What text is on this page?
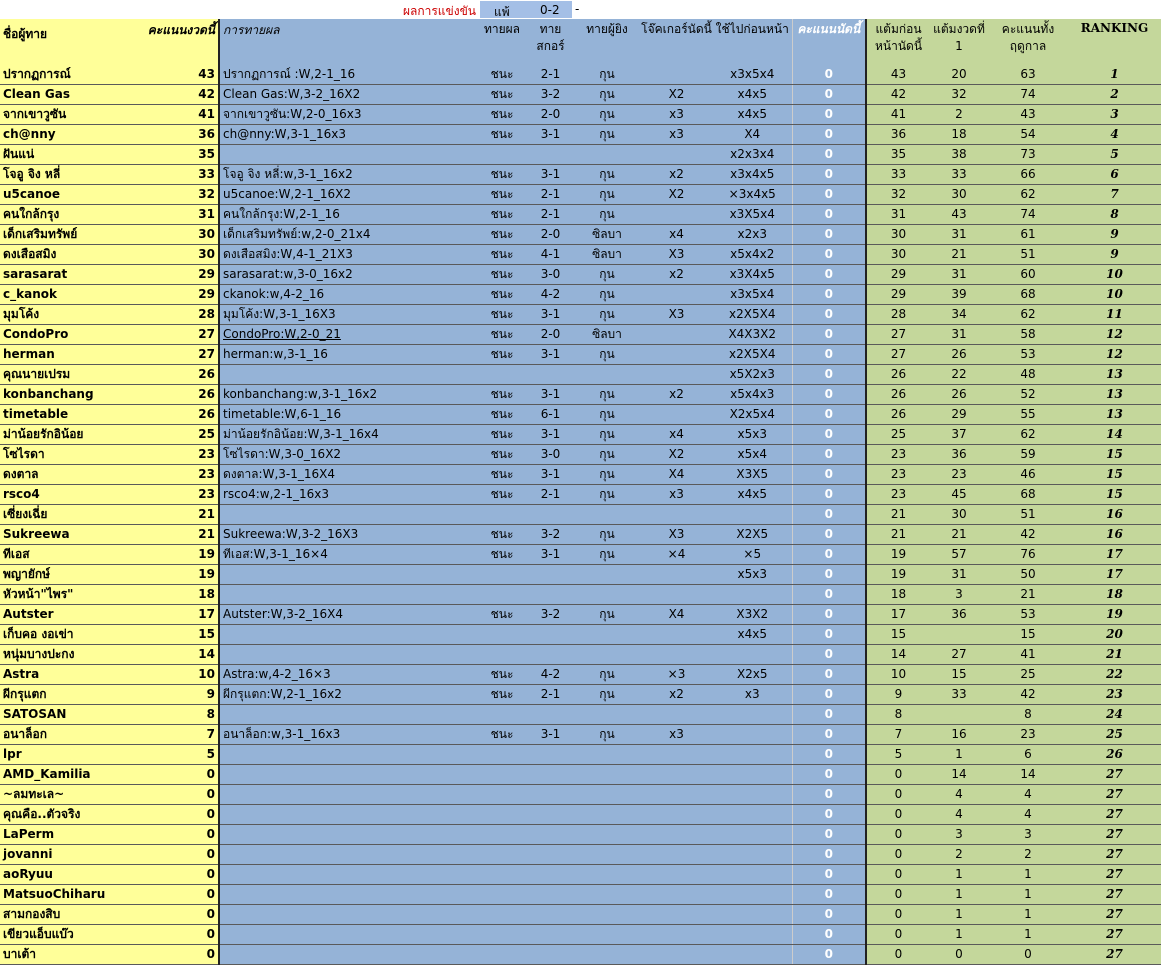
ผลการแข่งขัน แพ้	0-2 -
ชื่อผู้ทาย	คะแนนงวดนี้	การทายผล	ทายผล	ทาย สกอร์	ทายผู้ยิง	โจ๊คเกอร์นัดนี้	ใช้ไปก่อนหน้า	คะแนนนัดนี้	แต้มก่อนหน้านัดนี้	แต้มงวดที่ 1	คะแนนทั้งฤดูกาล	RANKING
ปรากฏการณ์	43	ปรากฏการณ์ :W,2-1_16	ชนะ	2-1	กุน		x3x5x4	0	43	20	63	1
Clean Gas	42	Clean Gas:W,3-2_16X2	ชนะ	3-2	กุน	X2	x4x5	0	42	32	74	2
จากเขาวูซัน	41	จากเขาวูซัน:W,2-0_16x3	ชนะ	2-0	กุน	x3	x4x5	0	41	2	43	3
ch@nny	36	ch@nny:W,3-1_16x3	ชนะ	3-1	กุน	x3	X4	0	36	18	54	4
ฝันแน่	35						x2x3x4	0	35	38	73	5
โจอู จิง หลี่	33	โจอู จิง หลี่:w,3-1_16x2	ชนะ	3-1	กุน	x2	x3x4x5	0	33	33	66	6
u5canoe	32	u5canoe:W,2-1_16X2	ชนะ	2-1	กุน	X2	×3x4x5	0	32	30	62	7
คนใกล้กรุง	31	คนใกล้กรุง:W,2-1_16	ชนะ	2-1	กุน		x3X5x4	0	31	43	74	8
เด็กเสริมทรัพย์	30	เด็กเสริมทรัพย์:w,2-0_21x4	ชนะ	2-0	ซิลบา	x4	x2x3	0	30	31	61	9
ดงเสือสมิง	30	ดงเสือสมิง:W,4-1_21X3	ชนะ	4-1	ซิลบา	X3	x5x4x2	0	30	21	51	9
sarasarat	29	sarasarat:w,3-0_16x2	ชนะ	3-0	กุน	x2	x3X4x5	0	29	31	60	10
c_kanok	29	ckanok:w,4-2_16	ชนะ	4-2	กุน		x3x5x4	0	29	39	68	10
มุมโค้ง	28	มุมโค้ง:W,3-1_16X3	ชนะ	3-1	กุน	X3	x2X5X4	0	28	34	62	11
CondoPro	27	CondoPro:W,2-0_21	ชนะ	2-0	ซิลบา		X4X3X2	0	27	31	58	12
herman	27	herman:w,3-1_16	ชนะ	3-1	กุน		x2X5X4	0	27	26	53	12
คุณนายเปรม	26						x5X2x3	0	26	22	48	13
konbanchang	26	konbanchang:w,3-1_16x2	ชนะ	3-1	กุน	x2	x5x4x3	0	26	26	52	13
timetable	26	timetable:W,6-1_16	ชนะ	6-1	กุน		X2x5x4	0	26	29	55	13
ม่าน้อยรักอิน้อย	25	ม่าน้อยรักอิน้อย:W,3-1_16x4	ชนะ	3-1	กุน	x4	x5x3	0	25	37	62	14
โซไรดา	23	โซไรดา:W,3-0_16X2	ชนะ	3-0	กุน	X2	x5x4	0	23	36	59	15
ดงตาล	23	ดงตาล:W,3-1_16X4	ชนะ	3-1	กุน	X4	X3X5	0	23	23	46	15
rsco4	23	rsco4:w,2-1_16x3	ชนะ	2-1	กุน	x3	x4x5	0	23	45	68	15
เซี่ยงเฉี่ย	21							0	21	30	51	16
Sukreewa	21	Sukreewa:W,3-2_16X3	ชนะ	3-2	กุน	X3	X2X5	0	21	21	42	16
ทีเอส	19	ทีเอส:W,3-1_16×4	ชนะ	3-1	กุน	×4	×5	0	19	57	76	17
พญายักษ์	19						x5x3	0	19	31	50	17
หัวหน้า"ไพร"	18							0	18	3	21	18
Autster	17	Autster:W,3-2_16X4	ชนะ	3-2	กุน	X4	X3X2	0	17	36	53	19
เก็บคอ งอเข่า	15						x4x5	0	15		15	20
หนุ่มบางปะกง	14							0	14	27	41	21
Astra	10	Astra:w,4-2_16×3	ชนะ	4-2	กุน	×3	X2x5	0	10	15	25	22
ผีกรุแตก	9	ผีกรุแตก:W,2-1_16x2	ชนะ	2-1	กุน	x2	x3	0	9	33	42	23
SATOSAN	8							0	8		8	24
อนาล็อก	7	อนาล็อก:w,3-1_16x3	ชนะ	3-1	กุน	x3		0	7	16	23	25
lpr	5							0	5	1	6	26
AMD_Kamilia	0							0	0	14	14	27
~ลมทะเล~	0							0	0	4	4	27
คุณคือ..ตัวจริง	0							0	0	4	4	27
LaPerm	0							0	0	3	3	27
jovanni	0							0	0	2	2	27
aoRyuu	0							0	0	1	1	27
MatsuoChiharu	0							0	0	1	1	27
สามกองสิบ	0							0	0	1	1	27
เขียวแอ็บแบ๊ว	0							0	0	1	1	27
บาเต้า	0							0	0	0	0	27
